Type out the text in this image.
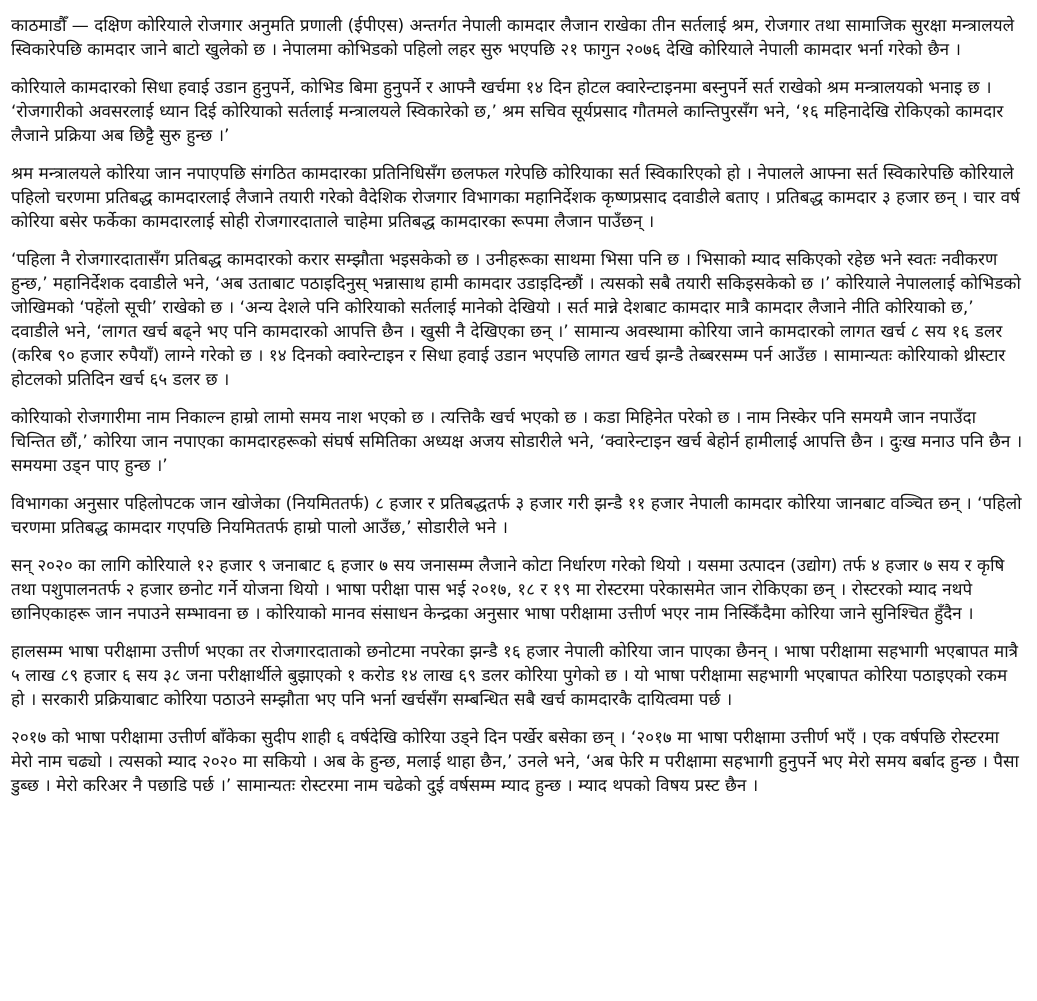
काठमाडौँ — दक्षिण कोरियाले रोजगार अनुमति प्रणाली (ईपीएस) अन्तर्गत नेपाली कामदार लैजान राखेका तीन सर्तलाई श्रम, रोजगार तथा सामाजिक सुरक्षा मन्त्रालयले स्विकारेपछि कामदार जाने बाटो खुलेको छ । नेपालमा कोभिडको पहिलो लहर सुरु भएपछि २१ फागुन २०७६ देखि कोरियाले नेपाली कामदार भर्ना गरेको छैन ।

कोरियाले कामदारको सिधा हवाई उडान हुनुपर्ने, कोभिड बिमा हुनुपर्ने र आफ्नै खर्चमा १४ दिन होटल क्वारेन्टाइनमा बस्नुपर्ने सर्त राखेको श्रम मन्त्रालयको भनाइ छ । ‘रोजगारीको अवसरलाई ध्यान दिई कोरियाको सर्तलाई मन्त्रालयले स्विकारेको छ,’ श्रम सचिव सूर्यप्रसाद गौतमले कान्तिपुरसँग भने, ‘१६ महिनादेखि रोकिएको कामदार लैजाने प्रक्रिया अब छिट्टै सुरु हुन्छ ।’

श्रम मन्त्रालयले कोरिया जान नपाएपछि संगठित कामदारका प्रतिनिधिसँग छलफल गरेपछि कोरियाका सर्त स्विकारिएको हो । नेपालले आफ्ना सर्त स्विकारेपछि कोरियाले पहिलो चरणमा प्रतिबद्ध कामदारलाई लैजाने तयारी गरेको वैदेशिक रोजगार विभागका महानिर्देशक कृष्णप्रसाद दवाडीले बताए । प्रतिबद्ध कामदार ३ हजार छन् । चार वर्ष कोरिया बसेर फर्केका कामदारलाई सोही रोजगारदाताले चाहेमा प्रतिबद्ध कामदारका रूपमा लैजान पाउँछन् ।

‘पहिला नै रोजगारदातासँग प्रतिबद्ध कामदारको करार सम्झौता भइसकेको छ । उनीहरूका साथमा भिसा पनि छ । भिसाको म्याद सकिएको रहेछ भने स्वतः नवीकरण हुन्छ,’ महानिर्देशक दवाडीले भने, ‘अब उताबाट पठाइदिनुस् भन्नासाथ हामी कामदार उडाइदिन्छौं । त्यसको सबै तयारी सकिइसकेको छ ।’ कोरियाले नेपाललाई कोभिडको जोखिमको ‘पहेंलो सूची’ राखेको छ । ‘अन्य देशले पनि कोरियाको सर्तलाई मानेको देखियो । सर्त मान्ने देशबाट कामदार मात्रै कामदार लैजाने नीति कोरियाको छ,’ दवाडीले भने, ‘लागत खर्च बढ्ने भए पनि कामदारको आपत्ति छैन । खुसी नै देखिएका छन् ।’ सामान्य अवस्थामा कोरिया जाने कामदारको लागत खर्च ८ सय १६ डलर (करिब ९० हजार रुपैयाँ) लाग्ने गरेको छ । १४ दिनको क्वारेन्टाइन र सिधा हवाई उडान भएपछि लागत खर्च झन्डै तेब्बरसम्म पर्न आउँछ । सामान्यतः कोरियाको थ्रीस्टार होटलको प्रतिदिन खर्च ६५ डलर छ ।

कोरियाको रोजगारीमा नाम निकाल्न हाम्रो लामो समय नाश भएको छ । त्यत्तिकै खर्च भएको छ । कडा मिहिनेत परेको छ । नाम निस्केर पनि समयमै जान नपाउँदा चिन्तित छौं,’ कोरिया जान नपाएका कामदारहरूको संघर्ष समितिका अध्यक्ष अजय सोडारीले भने, ‘क्वारेन्टाइन खर्च बेहोर्न हामीलाई आपत्ति छैन । दुःख मनाउ पनि छैन । समयमा उड्न पाए हुन्छ ।’

विभागका अनुसार पहिलोपटक जान खोजेका (नियमिततर्फ) ८ हजार र प्रतिबद्धतर्फ ३ हजार गरी झन्डै ११ हजार नेपाली कामदार कोरिया जानबाट वञ्चित छन् । ‘पहिलो चरणमा प्रतिबद्ध कामदार गएपछि नियमिततर्फ हाम्रो पालो आउँछ,’ सोडारीले भने ।

सन् २०२० का लागि कोरियाले १२ हजार ९ जनाबाट ६ हजार ७ सय जनासम्म लैजाने कोटा निर्धारण गरेको थियो । यसमा उत्पादन (उद्योग) तर्फ ४ हजार ७ सय र कृषि तथा पशुपालनतर्फ २ हजार छनोट गर्ने योजना थियो । भाषा परीक्षा पास भई २०१७, १८ र १९ मा रोस्टरमा परेकासमेत जान रोकिएका छन् । रोस्टरको म्याद नथपे छानिएकाहरू जान नपाउने सम्भावना छ । कोरियाको मानव संसाधन केन्द्रका अनुसार भाषा परीक्षामा उत्तीर्ण भएर नाम निस्किँदैमा कोरिया जाने सुनिश्चित हुँदैन ।

हालसम्म भाषा परीक्षामा उत्तीर्ण भएका तर रोजगारदाताको छनोटमा नपरेका झन्डै १६ हजार नेपाली कोरिया जान पाएका छैनन् । भाषा परीक्षामा सहभागी भएबापत मात्रै ५ लाख ८९ हजार ६ सय ३८ जना परीक्षार्थीले बुझाएको १ करोड १४ लाख ६९ डलर कोरिया पुगेको छ । यो भाषा परीक्षामा सहभागी भएबापत कोरिया पठाइएको रकम हो । सरकारी प्रक्रियाबाट कोरिया पठाउने सम्झौता भए पनि भर्ना खर्चसँग सम्बन्धित सबै खर्च कामदारकै दायित्वमा पर्छ ।

२०१७ को भाषा परीक्षामा उत्तीर्ण बाँकेका सुदीप शाही ६ वर्षदेखि कोरिया उड्ने दिन पर्खेर बसेका छन् । ‘२०१७ मा भाषा परीक्षामा उत्तीर्ण भएँ । एक वर्षपछि रोस्टरमा मेरो नाम चढ्यो । त्यसको म्याद २०२० मा सकियो । अब के हुन्छ, मलाई थाहा छैन,’ उनले भने, ‘अब फेरि म परीक्षामा सहभागी हुनुपर्ने भए मेरो समय बर्बाद हुन्छ । पैसा डुब्छ । मेरो करिअर नै पछाडि पर्छ ।’ सामान्यतः रोस्टरमा नाम चढेको दुई वर्षसम्म म्याद हुन्छ । म्याद थपको विषय प्रस्ट छैन ।
